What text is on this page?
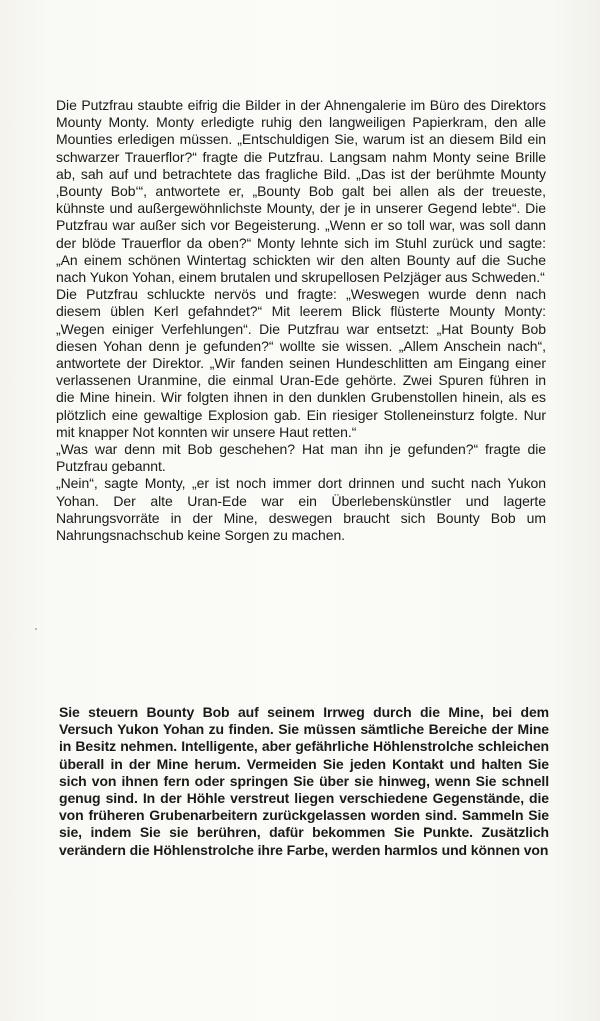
Die Putzfrau staubte eifrig die Bilder in der Ahnengalerie im Büro des Direktors Mounty Monty. Monty erledigte ruhig den langweiligen Papierkram, den alle Mounties erledigen müssen. „Entschuldigen Sie, warum ist an diesem Bild ein schwarzer Trauerflor?“ fragte die Putzfrau. Langsam nahm Monty seine Brille ab, sah auf und betrachtete das fragliche Bild. „Das ist der berühmte Mounty ‚Bounty Bob‘“, antwortete er, „Bounty Bob galt bei allen als der treueste, kühnste und außergewöhnlichste Mounty, der je in unserer Gegend lebte“. Die Putzfrau war außer sich vor Begeisterung. „Wenn er so toll war, was soll dann der blöde Trauerflor da oben?“ Monty lehnte sich im Stuhl zurück und sagte: „An einem schönen Wintertag schickten wir den alten Bounty auf die Suche nach Yukon Yohan, einem brutalen und skrupellosen Pelzjäger aus Schweden.“

Die Putzfrau schluckte nervös und fragte: „Weswegen wurde denn nach diesem üblen Kerl gefahndet?“ Mit leerem Blick flüsterte Mounty Monty: „Wegen einiger Verfehlungen“. Die Putzfrau war entsetzt: „Hat Bounty Bob diesen Yohan denn je gefunden?“ wollte sie wissen. „Allem Anschein nach“, antwortete der Direktor. „Wir fanden seinen Hundeschlitten am Eingang einer verlassenen Uranmine, die einmal Uran-Ede gehörte. Zwei Spuren führen in die Mine hinein. Wir folgten ihnen in den dunklen Grubenstollen hinein, als es plötzlich eine gewaltige Explosion gab. Ein riesiger Stolleneinsturz folgte. Nur mit knapper Not konnten wir unsere Haut retten.“

„Was war denn mit Bob geschehen? Hat man ihn je gefunden?“ fragte die Putzfrau gebannt.

„Nein“, sagte Monty, „er ist noch immer dort drinnen und sucht nach Yukon Yohan. Der alte Uran-Ede war ein Überlebenskünstler und lagerte Nahrungsvorräte in der Mine, deswegen braucht sich Bounty Bob um Nahrungsnachschub keine Sorgen zu machen.

Sie steuern Bounty Bob auf seinem Irrweg durch die Mine, bei dem Versuch Yukon Yohan zu finden. Sie müssen sämtliche Bereiche der Mine in Besitz nehmen. Intelligente, aber gefährliche Höhlenstrolche schleichen überall in der Mine herum. Vermeiden Sie jeden Kontakt und halten Sie sich von ihnen fern oder springen Sie über sie hinweg, wenn Sie schnell genug sind. In der Höhle verstreut liegen verschiedene Gegenstände, die von früheren Grubenarbeitern zurückgelassen worden sind. Sammeln Sie sie, indem Sie sie berühren, dafür bekommen Sie Punkte. Zusätzlich verändern die Höhlenstrolche ihre Farbe, werden harmlos und können von
